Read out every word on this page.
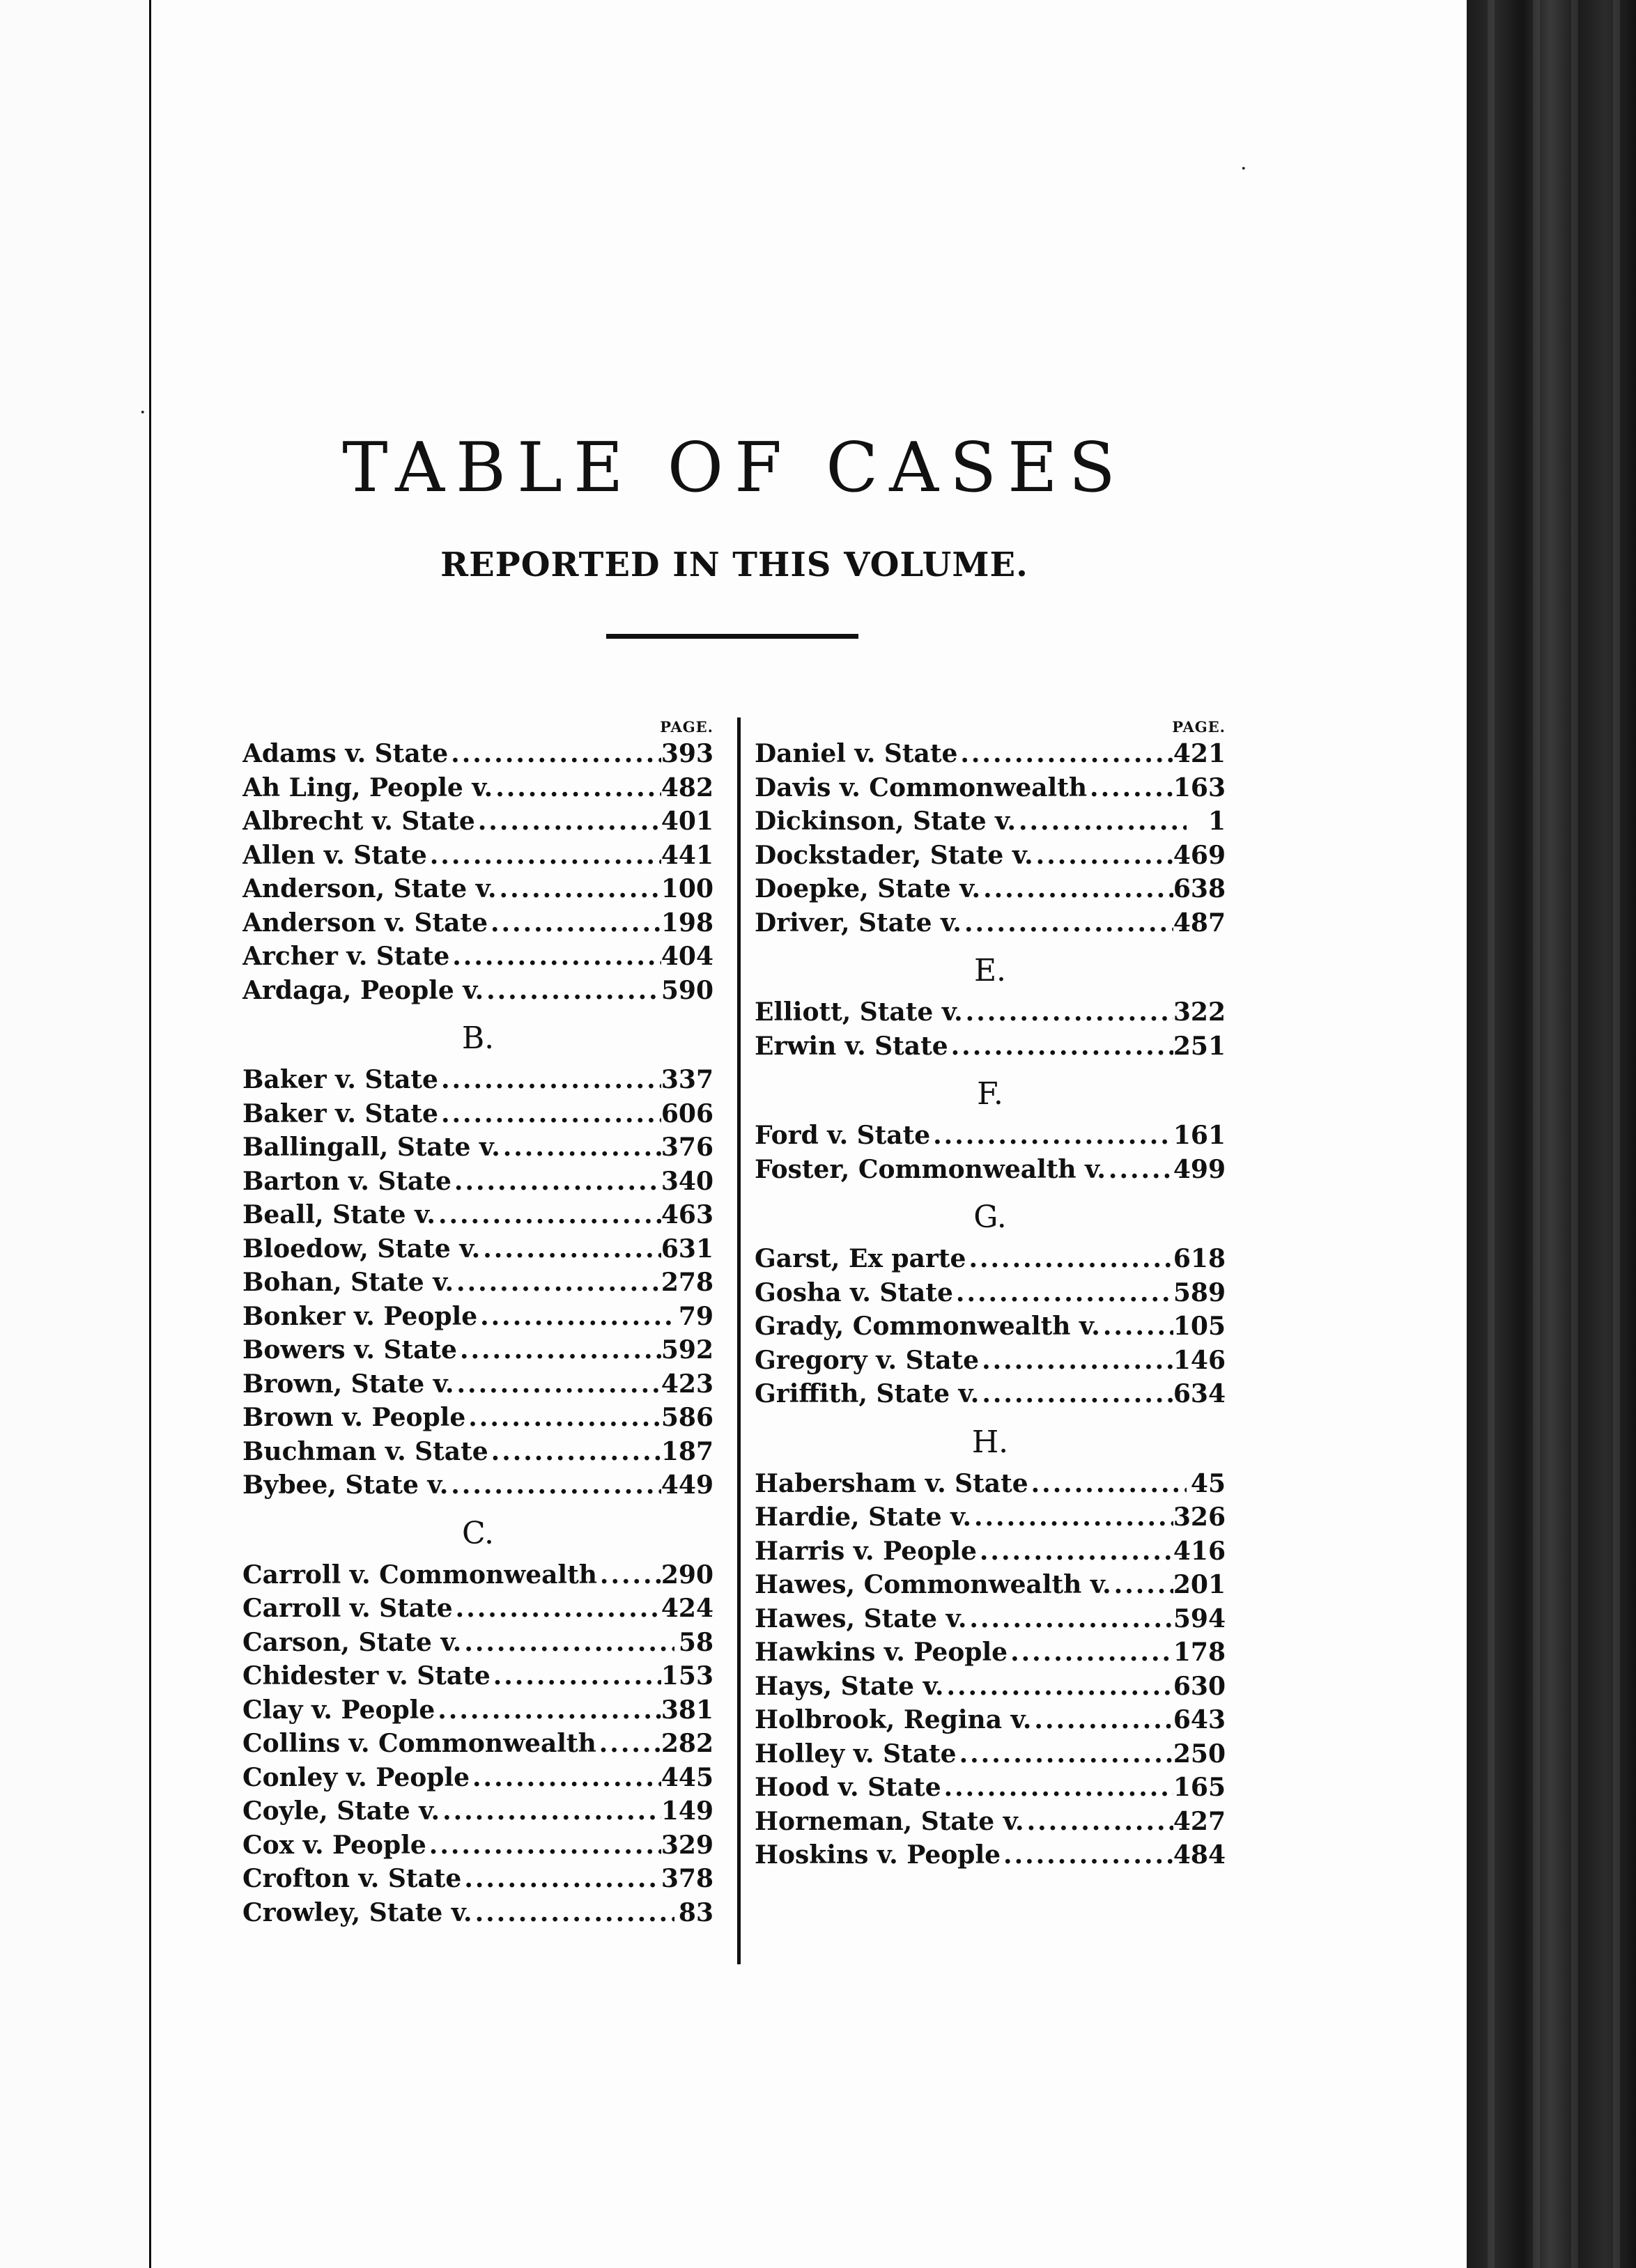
·
·
TABLE OF CASES
REPORTED IN THIS VOLUME.
PAGE.
Adams v. State .....	393
Ah Ling, People v. .....	482
Albrecht v. State .....	401
Allen v. State .....	441
Anderson, State v. .....	100
Anderson v. State .....	198
Archer v. State .....	404
Ardaga, People v. .....	590
B.
Baker v. State .....	337
Baker v. State .....	606
Ballingall, State v. .....	376
Barton v. State .....	340
Beall, State v. .....	463
Bloedow, State v. .....	631
Bohan, State v. .....	278
Bonker v. People .....	79
Bowers v. State .....	592
Brown, State v. .....	423
Brown v. People .....	586
Buchman v. State .....	187
Bybee, State v. .....	449
C.
Carroll v. Commonwealth .....	290
Carroll v. State .....	424
Carson, State v. .....	58
Chidester v. State .....	153
Clay v. People .....	381
Collins v. Commonwealth .....	282
Conley v. People .....	445
Coyle, State v. .....	149
Cox v. People .....	329
Crofton v. State .....	378
Crowley, State v. .....	83
PAGE.
Daniel v. State .....	421
Davis v. Commonwealth .....	163
Dickinson, State v. .....	1
Dockstader, State v. .....	469
Doepke, State v. .....	638
Driver, State v. .....	487
E.
Elliott, State v. .....	322
Erwin v. State .....	251
F.
Ford v. State .....	161
Foster, Commonwealth v. .....	499
G.
Garst, Ex parte .....	618
Gosha v. State .....	589
Grady, Commonwealth v. .....	105
Gregory v. State .....	146
Griffith, State v. .....	634
H.
Habersham v. State .....	45
Hardie, State v. .....	326
Harris v. People .....	416
Hawes, Commonwealth v. ..... 201
Hawes, State v. .....	594
Hawkins v. People .....	178
Hays, State v. .....	630
Holbrook, Regina v. .....	643
Holley v. State .....	250
Hood v. State .....	165
Horneman, State v. .....	427
Hoskins v. People .....	484
